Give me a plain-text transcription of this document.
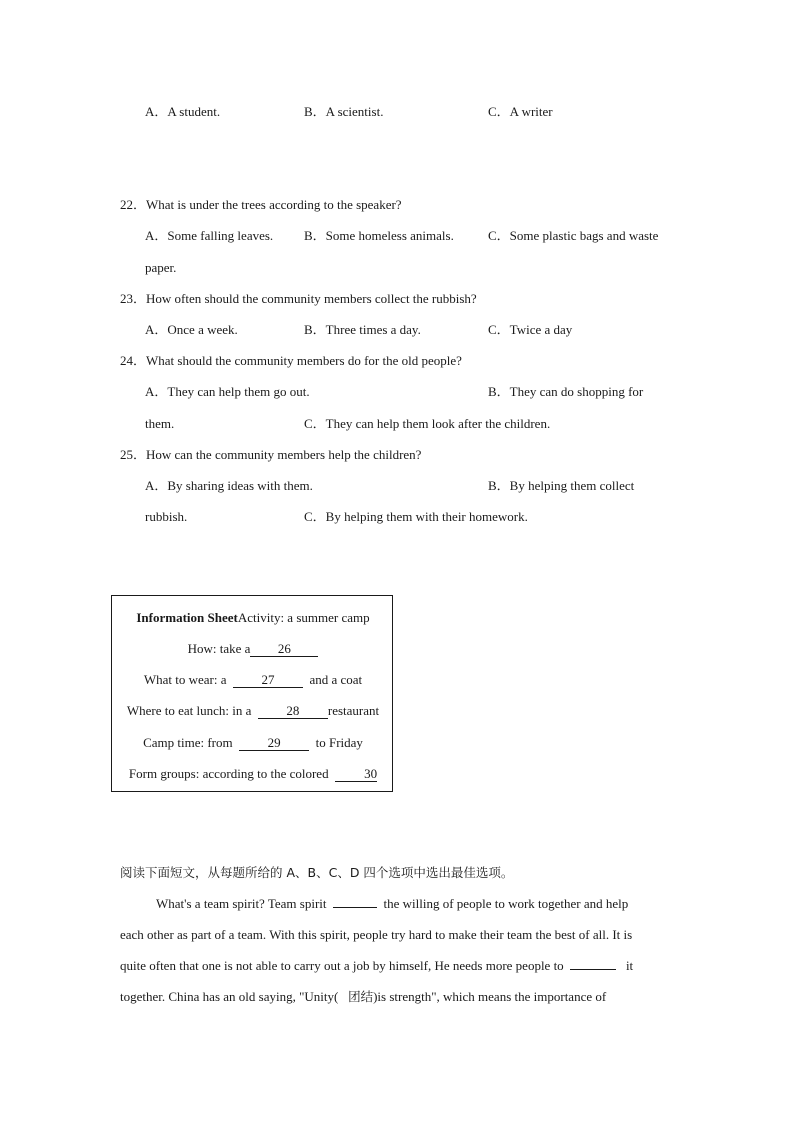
A．A student.	B．A scientist.	C．A writer
22．What is under the trees according to the speaker?
A．Some falling leaves. B．Some homeless animals.	C．Some plastic bags and waste
paper.
23．How often should the community members collect the rubbish?
A．Once a week.	B．Three times a day.	C．Twice a day
24．What should the community members do for the old people?
A．They can help them go out.	B．They can do shopping for
them.	C．They can help them look after the children.
25．How can the community members help the children?
A．By sharing ideas with them.	B．By helping them collect
rubbish.	C．By helping them with their homework.
Information SheetActivity: a summer camp
How: take a 26
What to wear: a	27	and a coat
Where to eat lunch: in a	28 restaurant
Camp time: from	29	to Friday
Form groups: according to the colored	30
阅读下面短文，从每题所给的 A、B、C、D 四个选项中选出最佳选项。
What's a team spirit? Team spirit	the willing of people to work together and help
each other as part of a team. With this spirit, people try hard to make their team the best of all. It is
quite often that one is not able to carry out a job by himself, He needs more people to	it
together. China has an old saying, "Unity( 团结)is strength", which means the importance of
